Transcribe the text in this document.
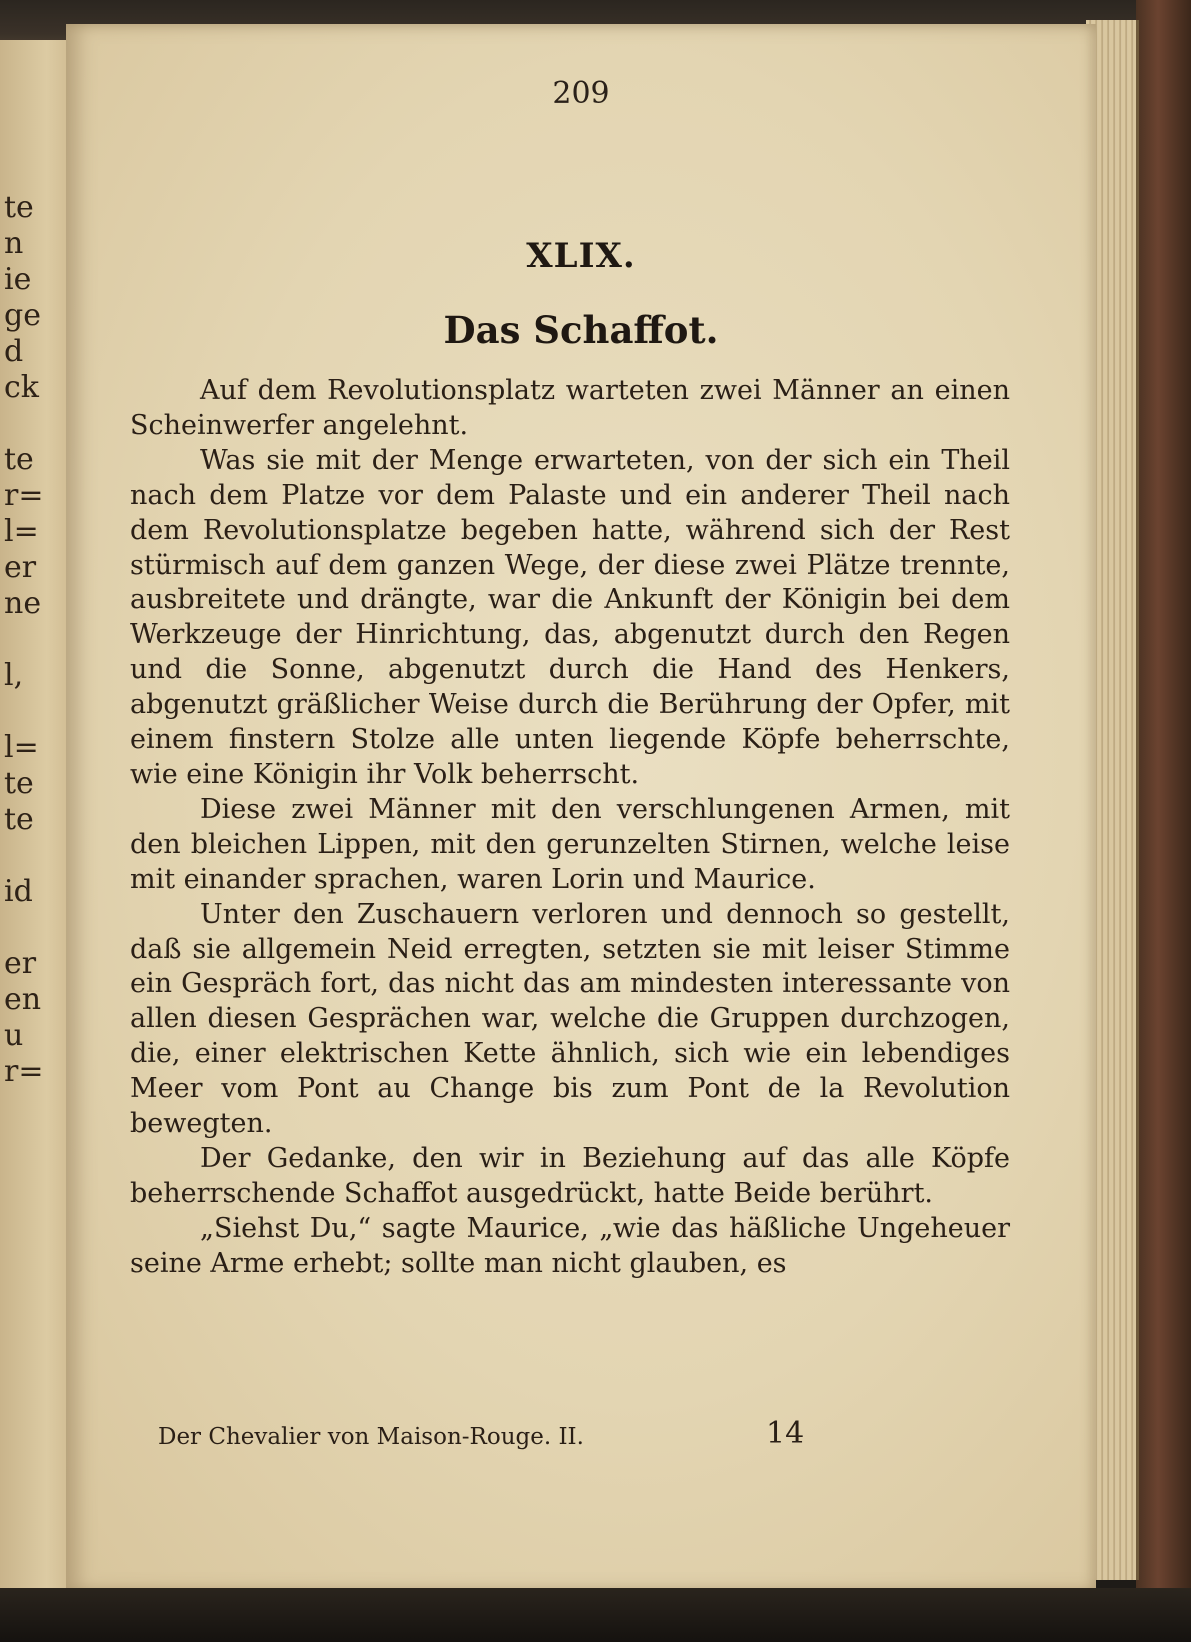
te
n
ie
ge
d
ck
te
r=
l=
er
ne
l,
l=
te
te
id
er
en
u
r=
209
XLIX.
Das Schaffot.

Auf dem Revolutionsplatz warteten zwei Männer an einen Scheinwerfer angelehnt.

Was sie mit der Menge erwarteten, von der sich ein Theil nach dem Platze vor dem Palaste und ein anderer Theil nach dem Revolutionsplatze begeben hatte, während sich der Rest stürmisch auf dem ganzen Wege, der diese zwei Plätze trennte, ausbreitete und drängte, war die Ankunft der Königin bei dem Werkzeuge der Hinrichtung, das, abgenutzt durch den Regen und die Sonne, abgenutzt durch die Hand des Henkers, abgenutzt gräßlicher Weise durch die Berührung der Opfer, mit einem finstern Stolze alle unten liegende Köpfe beherrschte, wie eine Königin ihr Volk beherrscht.

Diese zwei Männer mit den verschlungenen Armen, mit den bleichen Lippen, mit den gerunzelten Stirnen, welche leise mit einander sprachen, waren Lorin und Maurice.

Unter den Zuschauern verloren und dennoch so gestellt, daß sie allgemein Neid erregten, setzten sie mit leiser Stimme ein Gespräch fort, das nicht das am mindesten interessante von allen diesen Gesprächen war, welche die Gruppen durchzogen, die, einer elektrischen Kette ähnlich, sich wie ein lebendiges Meer vom Pont au Change bis zum Pont de la Revolution bewegten.

Der Gedanke, den wir in Beziehung auf das alle Köpfe beherrschende Schaffot ausgedrückt, hatte Beide berührt.

„Siehst Du,“ sagte Maurice, „wie das häßliche Ungeheuer seine Arme erhebt; sollte man nicht glauben, es

Der Chevalier von Maison-Rouge. II.	14
